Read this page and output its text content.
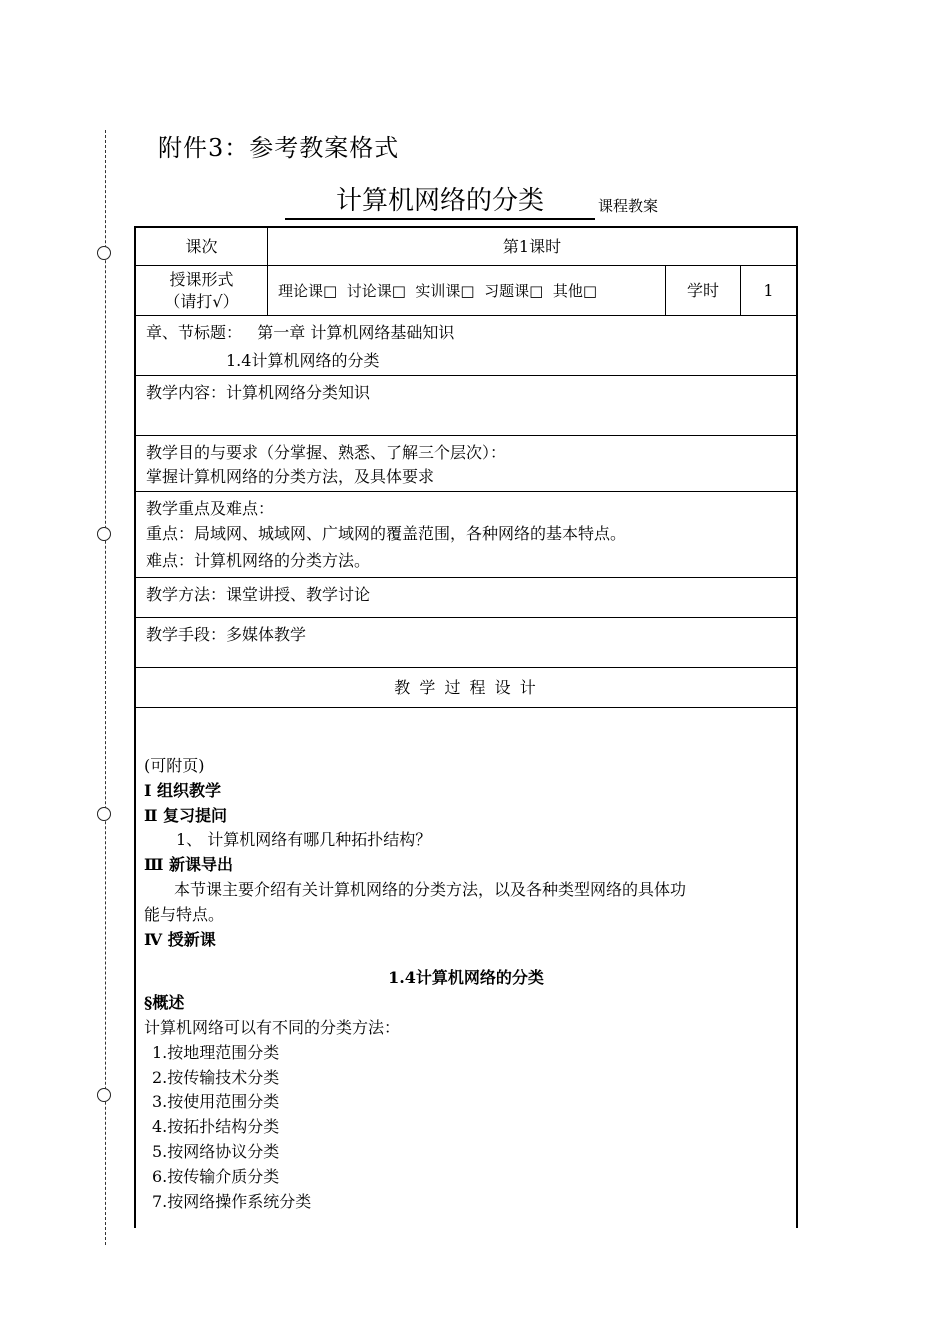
附件3：参考教案格式
计算机网络的分类	课程教案
课次	第1课时
授课形式
（请打√）
理论课□  讨论课□  实训课□  习题课□  其他□	学时	1
章、节标题：   第一章 计算机网络基础知识
1.4计算机网络的分类
教学内容：计算机网络分类知识
教学目的与要求（分掌握、熟悉、了解三个层次）：
掌握计算机网络的分类方法，及具体要求
教学重点及难点：
重点：局域网、城域网、广域网的覆盖范围，各种网络的基本特点。
难点：计算机网络的分类方法。
教学方法：课堂讲授、教学讨论
教学手段：多媒体教学
教 学 过 程 设 计
(可附页)
Ⅰ 组织教学
Ⅱ 复习提问
1、 计算机网络有哪几种拓扑结构？
Ⅲ 新课导出
本节课主要介绍有关计算机网络的分类方法，以及各种类型网络的具体功
能与特点。
Ⅳ 授新课
1.4计算机网络的分类
§概述
计算机网络可以有不同的分类方法：
1.按地理范围分类
2.按传输技术分类
3.按使用范围分类
4.按拓扑结构分类
5.按网络协议分类
6.按传输介质分类
7.按网络操作系统分类
